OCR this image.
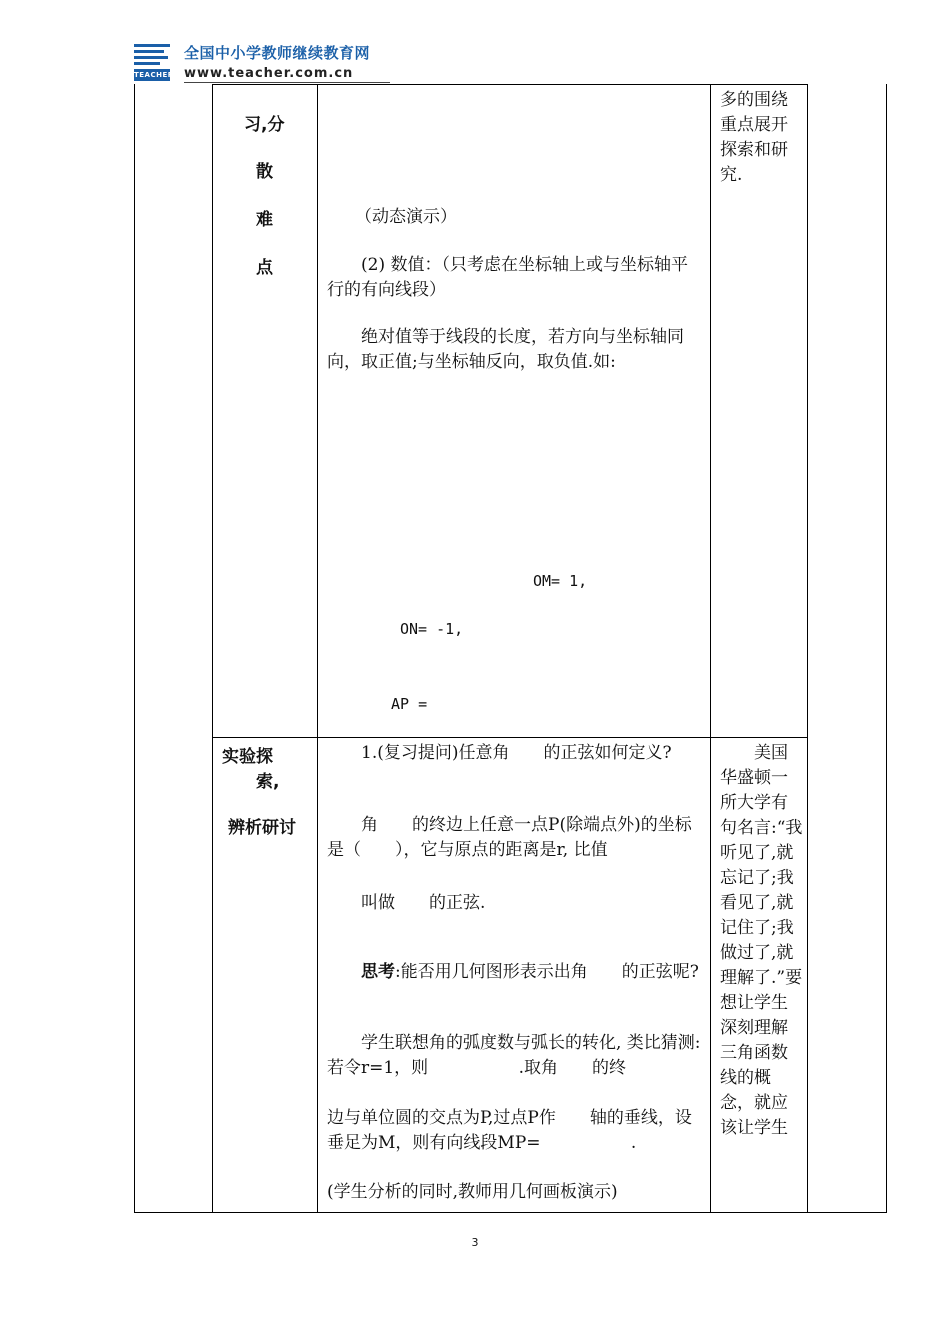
TEACHER
全国中小学教师继续教育网
www.teacher.com.cn
习,分
散
难
点
（动态演示）
(2) 数值：（只考虑在坐标轴上或与坐标轴平行的有向线段）
绝对值等于线段的长度，若方向与坐标轴同向，取正值;与坐标轴反向，取负值.如:
OM= 1,
ON= -1,
AP =
多的围绕重点展开探索和研究.
实验探
索,
辨析研讨
1.(复习提问)任意角　　的正弦如何定义?
角　　的终边上任意一点P(除端点外)的坐标是（　　），它与原点的距离是r, 比值
叫做　　的正弦.
思考:能否用几何图形表示出角　　的正弦呢?
学生联想角的弧度数与弧长的转化, 类比猜测:若令r=1，则　　　　　 .取角　　的终
边与单位圆的交点为P,过点P作　　轴的垂线，设垂足为M，则有向线段MP=　　　　　 .
(学生分析的同时,教师用几何画板演示)
美国华盛顿一所大学有句名言:“我听见了,就忘记了;我看见了,就记住了;我做过了,就理解了.”要想让学生深刻理解三角函数线的概念，就应该让学生
3
